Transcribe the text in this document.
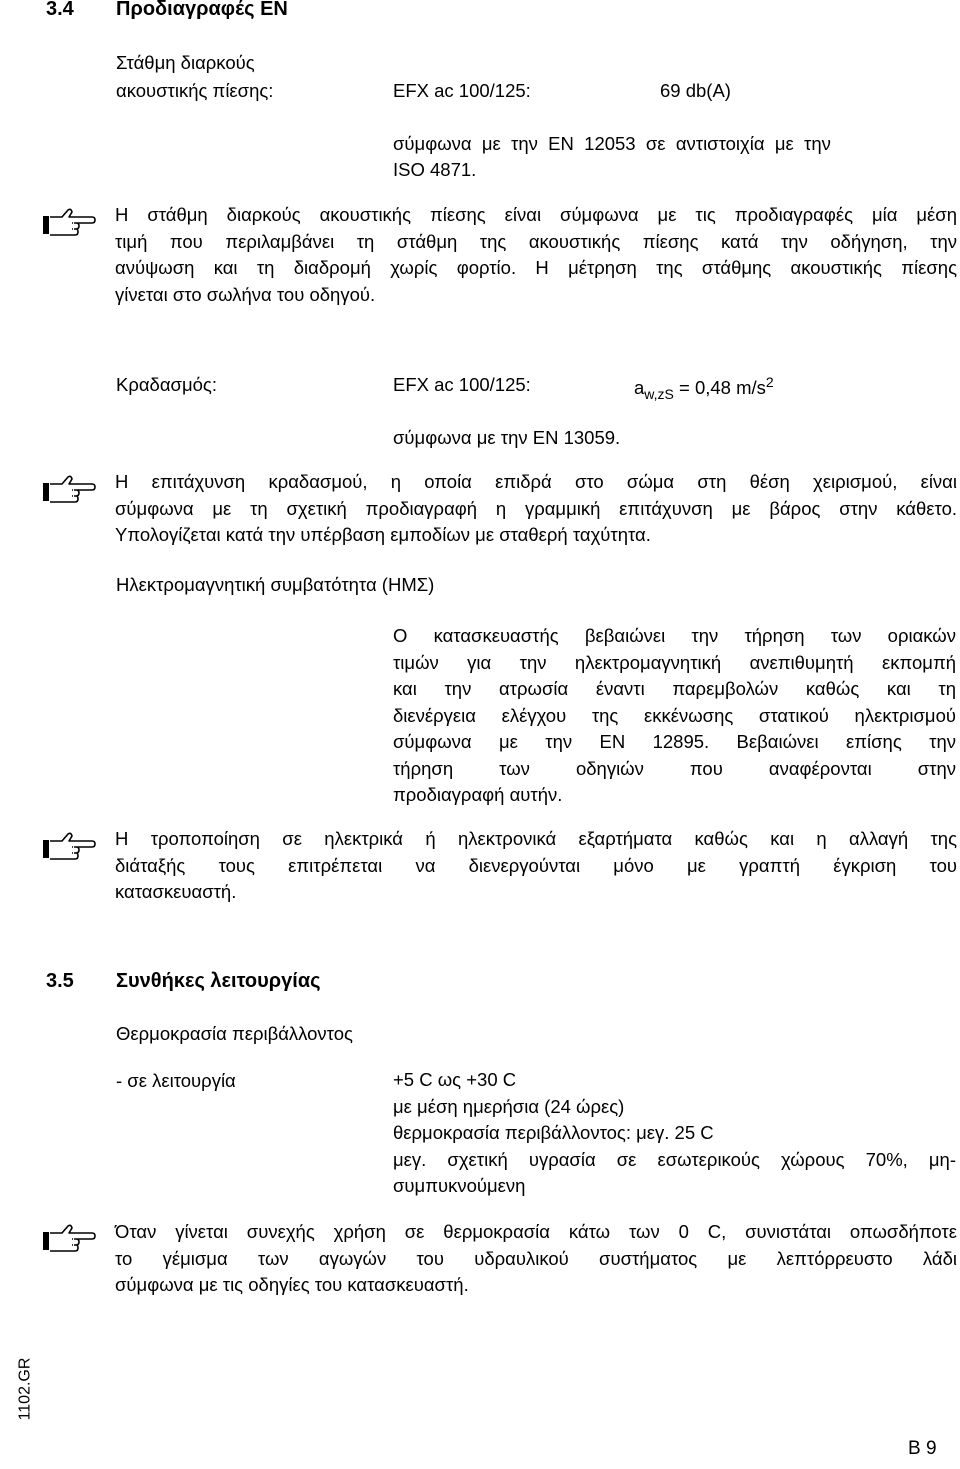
3.4 Προδιαγραφές ΕΝ
Στάθμη διαρκούς
ακουστικής πίεσης:	EFX ac 100/125:	69 db(A)
σύμφωνα  με  την  EN  12053  σε  αντιστοιχία  με  την
ISO 4871.
Η στάθμη διαρκούς ακουστικής πίεσης είναι σύμφωνα με τις προδιαγραφές μία μέση
τιμή που περιλαμβάνει τη στάθμη της ακουστικής πίεσης κατά την οδήγηση, την
ανύψωση και τη διαδρομή χωρίς φορτίο. Η μέτρηση της στάθμης ακουστικής πίεσης
γίνεται στο σωλήνα του οδηγού.
Κραδασμός:	EFX ac 100/125:	$a_{w,zS} = 0,48$ $m/s^2$
σύμφωνα με την EN 13059.
Η επιτάχυνση κραδασμού, η οποία επιδρά στο σώμα στη θέση χειρισμού, είναι
σύμφωνα με τη σχετική προδιαγραφή η γραμμική επιτάχυνση με βάρος στην κάθετο.
Υπολογίζεται κατά την υπέρβαση εμποδίων με σταθερή ταχύτητα.
Ηλεκτρομαγνητική συμβατότητα (ΗΜΣ)
Ο κατασκευαστής βεβαιώνει την τήρηση των οριακών
τιμών για την ηλεκτρομαγνητική ανεπιθυμητή εκπομπή
και την ατρωσία έναντι παρεμβολών καθώς και τη
διενέργεια ελέγχου της εκκένωσης στατικού ηλεκτρισμού
σύμφωνα με την EN 12895. Βεβαιώνει επίσης την
τήρηση των οδηγιών που αναφέρονται στην
προδιαγραφή αυτήν.
Η τροποποίηση σε ηλεκτρικά ή ηλεκτρονικά εξαρτήματα καθώς και η αλλαγή της
διάταξής τους επιτρέπεται να διενεργούνται μόνο με γραπτή έγκριση του
κατασκευαστή.
3.5 Συνθήκες λειτουργίας
Θερμοκρασία περιβάλλοντος
- σε λειτουργία	+5 C ως +30 C
με μέση ημερήσια (24 ώρες)
θερμοκρασία περιβάλλοντος: μεγ. 25 C
μεγ. σχετική υγρασία σε εσωτερικούς χώρους 70%, μη-
συμπυκνούμενη
Όταν γίνεται συνεχής χρήση σε θερμοκρασία κάτω των 0 C, συνιστάται οπωσδήποτε
το γέμισμα των αγωγών του υδραυλικού συστήματος με λεπτόρρευστο λάδι
σύμφωνα με τις οδηγίες του κατασκευαστή.
1102.GR
B 9
